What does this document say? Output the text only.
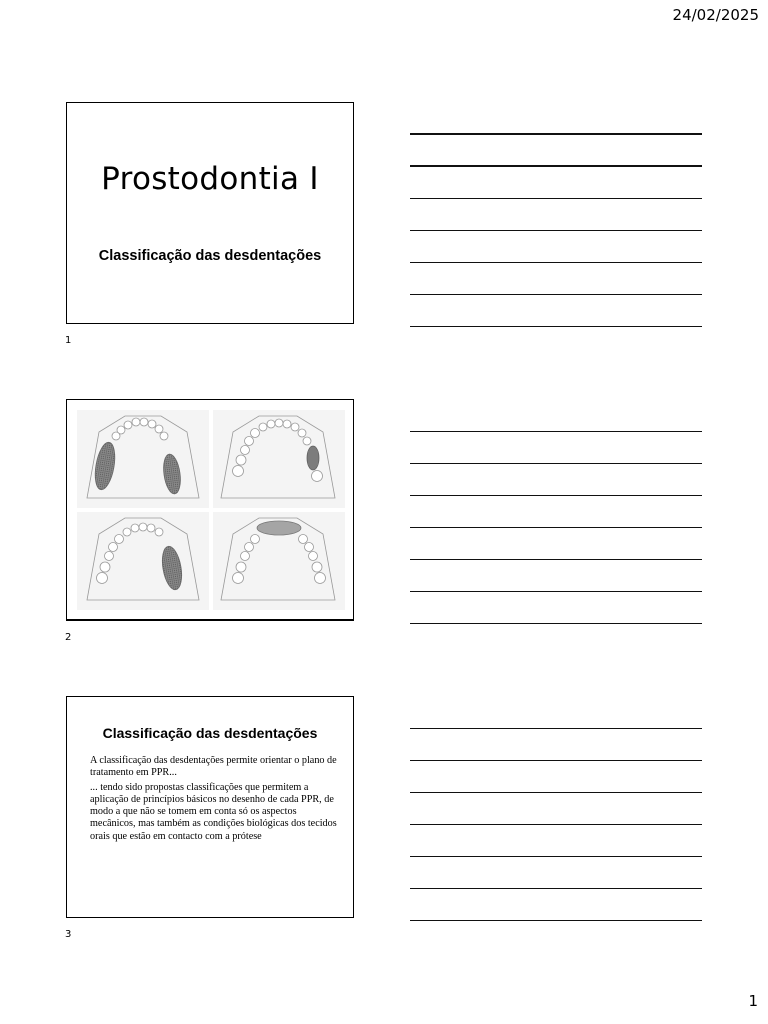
24/02/2025
Prostodontia I
Classificação das desdentações
1
2
Classificação das desdentações

A classificação das desdentações permite orientar o plano de tratamento em PPR...

... tendo sido propostas classificações que permitem a aplicação de princípios básicos no desenho de cada PPR, de modo a que não se tomem em conta só os aspectos mecânicos, mas também as condições biológicas dos tecidos orais que estão em contacto com a prótese

3
1
